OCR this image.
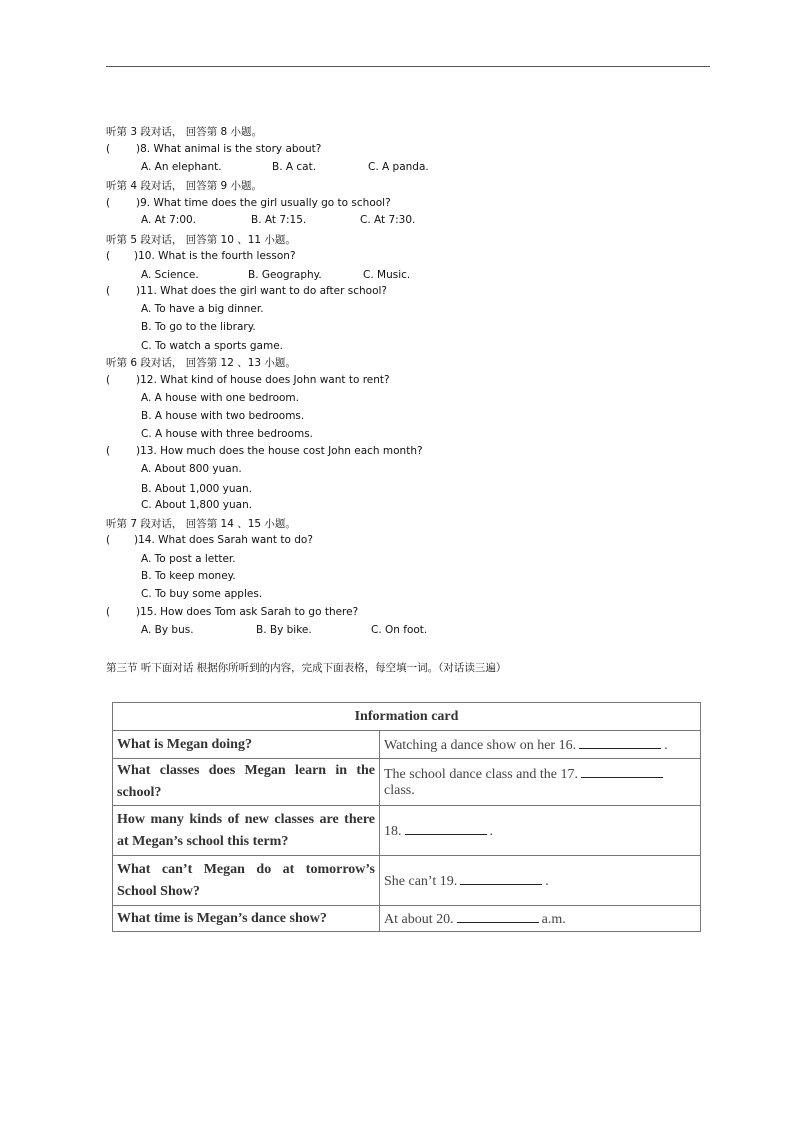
听第 3 段对话， 回答第 8 小题。
( )8. What animal is the story about?
A. An elephant.	B. A cat.	C. A panda.
听第 4 段对话， 回答第 9 小题。
( )9. What time does the girl usually go to school?
A. At 7:00.	B. At 7:15.	C. At 7:30.
听第 5 段对话， 回答第 10 、11 小题。
( )10. What is the fourth lesson?
A. Science.	B. Geography.	C. Music.
( )11. What does the girl want to do after school?
A. To have a big dinner.
B. To go to the library.
C. To watch a sports game.
听第 6 段对话， 回答第 12 、13 小题。
( )12. What kind of house does John want to rent?
A. A house with one bedroom.
B. A house with two bedrooms.
C. A house with three bedrooms.
( )13. How much does the house cost John each month?
A. About 800 yuan.
B. About 1,000 yuan.
C. About 1,800 yuan.
听第 7 段对话， 回答第 14 、15 小题。
( )14. What does Sarah want to do?
A. To post a letter.
B. To keep money.
C. To buy some apples.
( )15. How does Tom ask Sarah to go there?
A. By bus.	B. By bike.	C. On foot.
第三节 听下面对话 根据你所听到的内容，完成下面表格，每空填一词。（对话读三遍）
Information card	
What is Megan doing?	Watching a dance show on her 16. .
What classes does Megan learn in the school?	The school dance class and the 17.class.
How many kinds of new classes are there at Megan’s school this term?	18. .
What can’t Megan do at tomorrow’s School Show?	She can’t 19. .
What time is Megan’s dance show?	At about 20. a.m.
